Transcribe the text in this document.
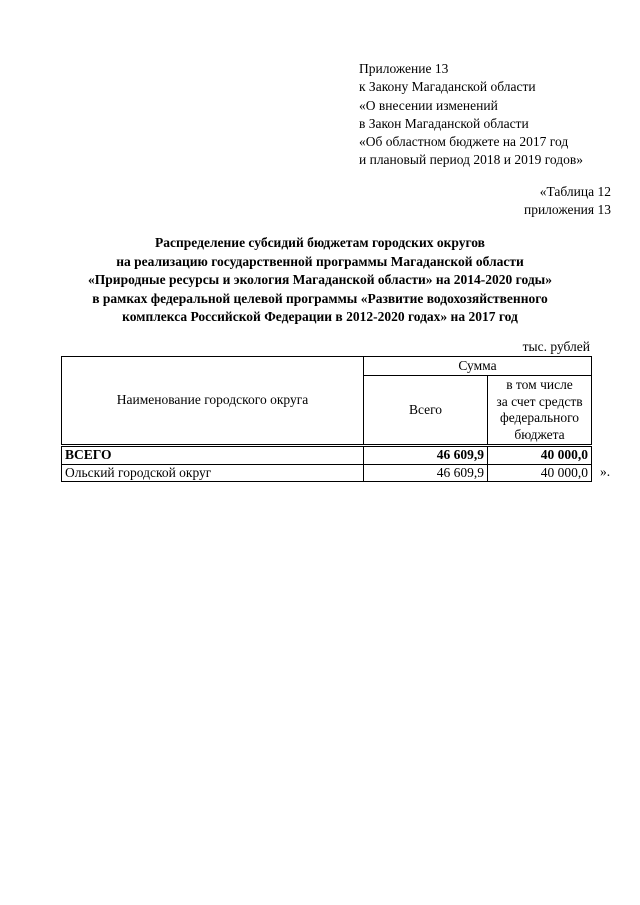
Приложение 13
к Закону Магаданской области
«О внесении изменений
в Закон Магаданской области
«Об областном бюджете на 2017 год
и плановый период 2018 и 2019 годов»
«Таблица 12
приложения 13
Распределение субсидий бюджетам городских округов
на реализацию государственной программы Магаданской области
«Природные ресурсы и экология Магаданской области» на 2014-2020 годы»
в рамках федеральной целевой программы «Развитие водохозяйственного
комплекса Российской Федерации в 2012-2020 годах» на 2017 год
тыс. рублей
Наименование городского округа	Сумма	
	Всего	в том числе
за счет средств
федерального
бюджета

ВСЕГО	46 609,9	40 000,0
Ольский городской округ	46 609,9	40 000,0 ».
